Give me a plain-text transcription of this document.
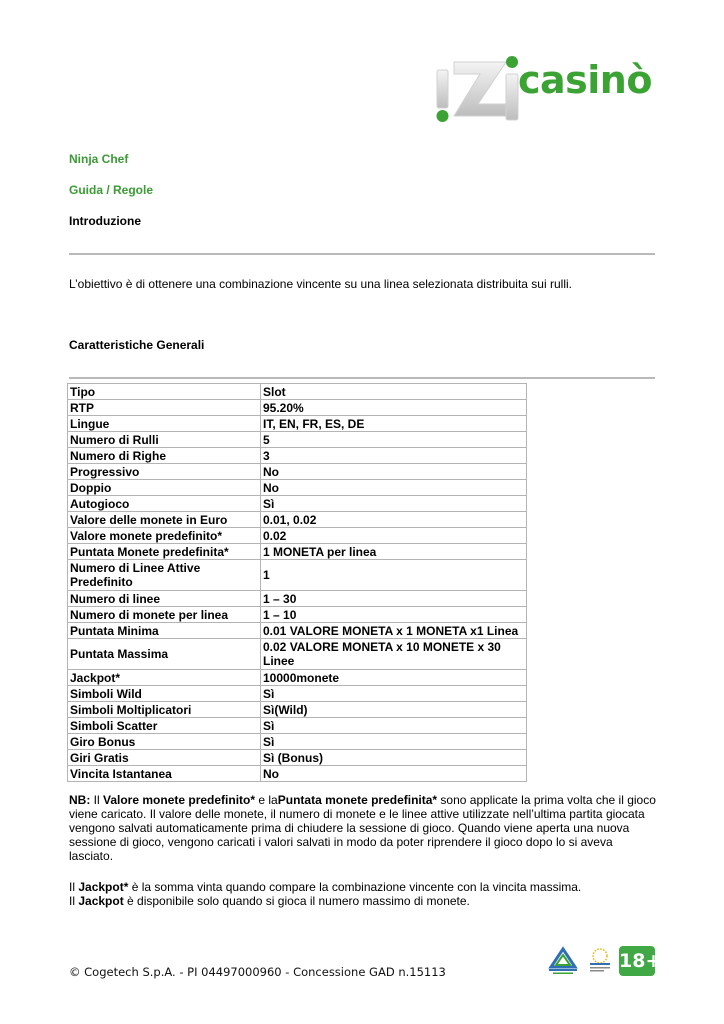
casinò
Ninja Chef
Guida / Regole
Introduzione
L’obiettivo è di ottenere una combinazione vincente su una linea selezionata distribuita sui rulli.
Caratteristiche Generali
Tipo	Slot
RTP	95.20%
Lingue	IT, EN, FR, ES, DE
Numero di Rulli	5
Numero di Righe	3
Progressivo	No
Doppio	No
Autogioco	Sì
Valore delle monete in Euro	0.01, 0.02
Valore monete predefinito*	0.02
Puntata Monete predefinita*	1 MONETA per linea
Numero di Linee Attive Predefinito	1
Numero di linee	1 – 30
Numero di monete per linea	1 – 10
Puntata Minima	0.01 VALORE MONETA x 1 MONETA x1 Linea
Puntata Massima	0.02 VALORE MONETA x 10 MONETE x 30 Linee
Jackpot*	10000monete
Simboli Wild	Sì
Simboli Moltiplicatori	Sì(Wild)
Simboli Scatter	Sì
Giro Bonus	Sì
Giri Gratis	Sì (Bonus)
Vincita Istantanea	No
NB: Il Valore monete predefinito* e laPuntata monete predefinita* sono applicate la prima volta che il gioco viene caricato. Il valore delle monete, il numero di monete e le linee attive utilizzate nell’ultima partita giocata vengono salvati automaticamente prima di chiudere la sessione di gioco. Quando viene aperta una nuova sessione di gioco, vengono caricati i valori salvati in modo da poter riprendere il gioco dopo lo si aveva lasciato.
Il Jackpot* è la somma vinta quando compare la combinazione vincente con la vincita massima.
Il Jackpot è disponibile solo quando si gioca il numero massimo di monete.
© Cogetech S.p.A. - PI 04497000960 - Concessione GAD n.15113	18+
